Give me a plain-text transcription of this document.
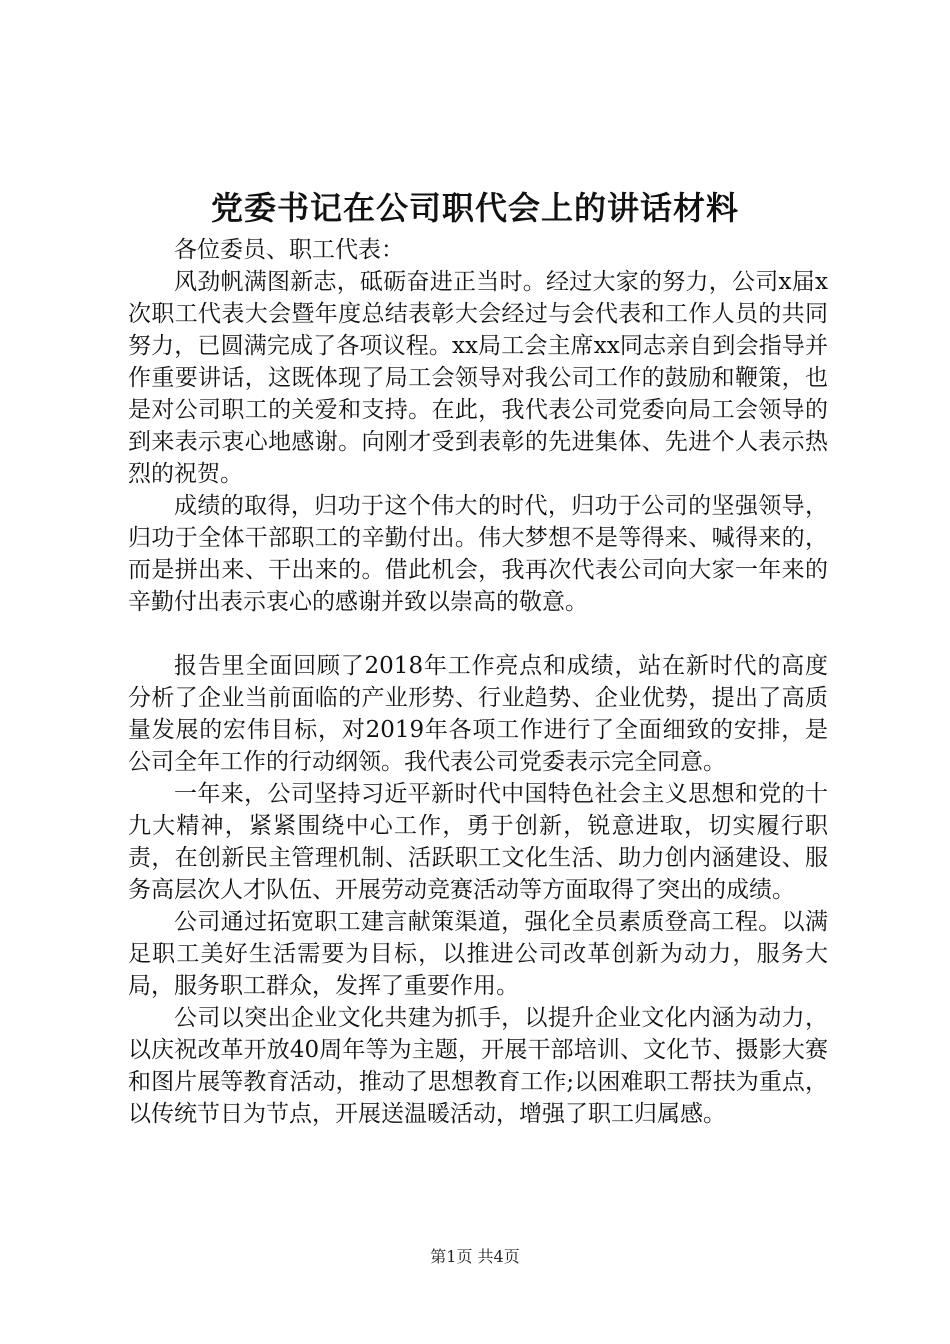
党委书记在公司职代会上的讲话材料

各位委员、职工代表：

风劲帆满图新志，砥砺奋进正当时。经过大家的努力，公司x届x次职工代表大会暨年度总结表彰大会经过与会代表和工作人员的共同努力，已圆满完成了各项议程。xx局工会主席xx同志亲自到会指导并作重要讲话，这既体现了局工会领导对我公司工作的鼓励和鞭策，也是对公司职工的关爱和支持。在此，我代表公司党委向局工会领导的到来表示衷心地感谢。向刚才受到表彰的先进集体、先进个人表示热烈的祝贺。

成绩的取得，归功于这个伟大的时代，归功于公司的坚强领导，归功于全体干部职工的辛勤付出。伟大梦想不是等得来、喊得来的，而是拼出来、干出来的。借此机会，我再次代表公司向大家一年来的辛勤付出表示衷心的感谢并致以崇高的敬意。

报告里全面回顾了2018年工作亮点和成绩，站在新时代的高度分析了企业当前面临的产业形势、行业趋势、企业优势，提出了高质量发展的宏伟目标，对2019年各项工作进行了全面细致的安排，是公司全年工作的行动纲领。我代表公司党委表示完全同意。

一年来，公司坚持习近平新时代中国特色社会主义思想和党的十九大精神，紧紧围绕中心工作，勇于创新，锐意进取，切实履行职责，在创新民主管理机制、活跃职工文化生活、助力创内涵建设、服务高层次人才队伍、开展劳动竞赛活动等方面取得了突出的成绩。

公司通过拓宽职工建言献策渠道，强化全员素质登高工程。以满足职工美好生活需要为目标，以推进公司改革创新为动力，服务大局，服务职工群众，发挥了重要作用。

公司以突出企业文化共建为抓手，以提升企业文化内涵为动力，以庆祝改革开放40周年等为主题，开展干部培训、文化节、摄影大赛和图片展等教育活动，推动了思想教育工作;以困难职工帮扶为重点，以传统节日为节点，开展送温暖活动，增强了职工归属感。

第1页 共4页
